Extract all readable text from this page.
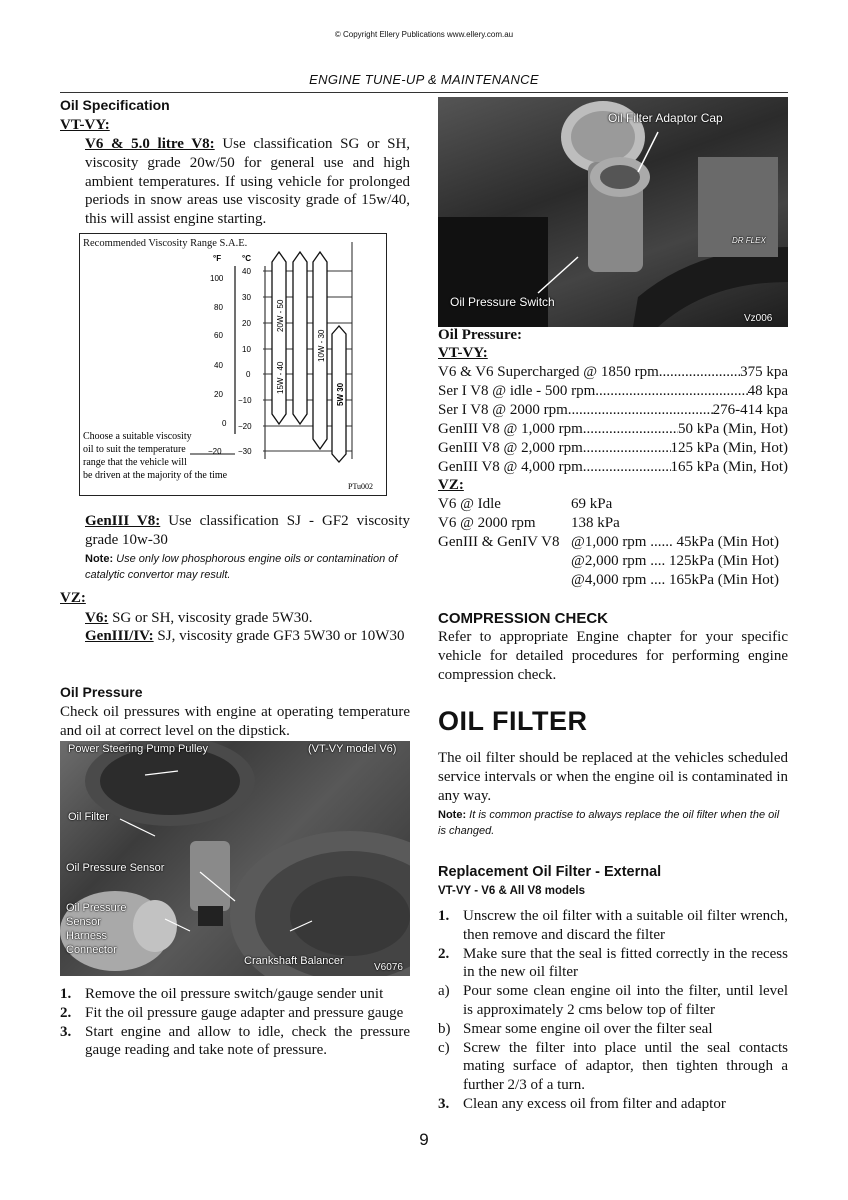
© Copyright Ellery Publications www.ellery.com.au
ENGINE TUNE-UP & MAINTENANCE
Oil Specification
VT-VY:
V6 & 5.0 litre V8: Use classification SG or SH, viscosity grade 20w/50 for general use and high ambient temperatures. If using vehicle for prolonged periods in snow areas use viscosity grade of 15w/40, this will assist engine starting.
Recommended Viscosity Range S.A.E.
°F	°C
100
80
60
40
20
0
−20
40
30
20
10
0
−10
−20
−30
20W - 50
15W - 40
10W - 30
5W 30
Choose a suitable viscosity
oil to suit the temperature
range that the vehicle will
be driven at the majority of the time
PTu002
GenIII V8: Use classification SJ - GF2 viscosity grade 10w-30
Note: Use only low phosphorous engine oils or contamination of catalytic convertor may result.
VZ:
V6: SG or SH, viscosity grade 5W30.
GenIII/IV: SJ, viscosity grade GF3 5W30 or 10W30
Oil Pressure
Check oil pressures with engine at operating temperature and oil at correct level on the dipstick.
Power Steering Pump Pulley	(VT-VY model V6)
Oil Filter
Oil Pressure Sensor
Oil Pressure
Sensor
Harness
Connector
Crankshaft Balancer
V6076
1. Remove the oil pressure switch/gauge sender unit
2. Fit the oil pressure gauge adapter and pressure gauge
3. Start engine and allow to idle, check the pressure gauge reading and take note of pressure.
Oil Filter Adaptor Cap
Oil Pressure Switch
Vz006
DR FLEX
Oil Pressure:
VT-VY:
V6 & V6 Supercharged @ 1850 rpm .....	375 kpa
Ser I V8 @ idle - 500 rpm .....	48 kpa
Ser I V8 @ 2000 rpm .....	276-414 kpa
GenIII V8 @ 1,000 rpm .....	50 kPa (Min, Hot)
GenIII V8 @ 2,000 rpm .....	125 kPa (Min, Hot)
GenIII V8 @ 4,000 rpm .....	165 kPa (Min, Hot)
VZ:
V6 @ Idle	69 kPa
V6 @ 2000 rpm	138 kPa
GenIII & GenIV V8 @1,000 rpm ...... 45kPa (Min Hot)
@2,000 rpm .... 125kPa (Min Hot)
@4,000 rpm .... 165kPa (Min Hot)
COMPRESSION CHECK
Refer to appropriate Engine chapter for your specific vehicle for detailed procedures for performing engine compression check.
OIL FILTER
The oil filter should be replaced at the vehicles scheduled service intervals or when the engine oil is contaminated in any way.
Note: It is common practise to always replace the oil filter when the oil is changed.
Replacement Oil Filter - External
VT-VY - V6 & All V8 models
1. Unscrew the oil filter with a suitable oil filter wrench, then remove and discard the filter
2. Make sure that the seal is fitted correctly in the recess in the new oil filter
a) Pour some clean engine oil into the filter, until level is approximately 2 cms below top of filter
b) Smear some engine oil over the filter seal
c) Screw the filter into place until the seal contacts mating surface of adaptor, then tighten through a further 2/3 of a turn.
3. Clean any excess oil from filter and adaptor
9
